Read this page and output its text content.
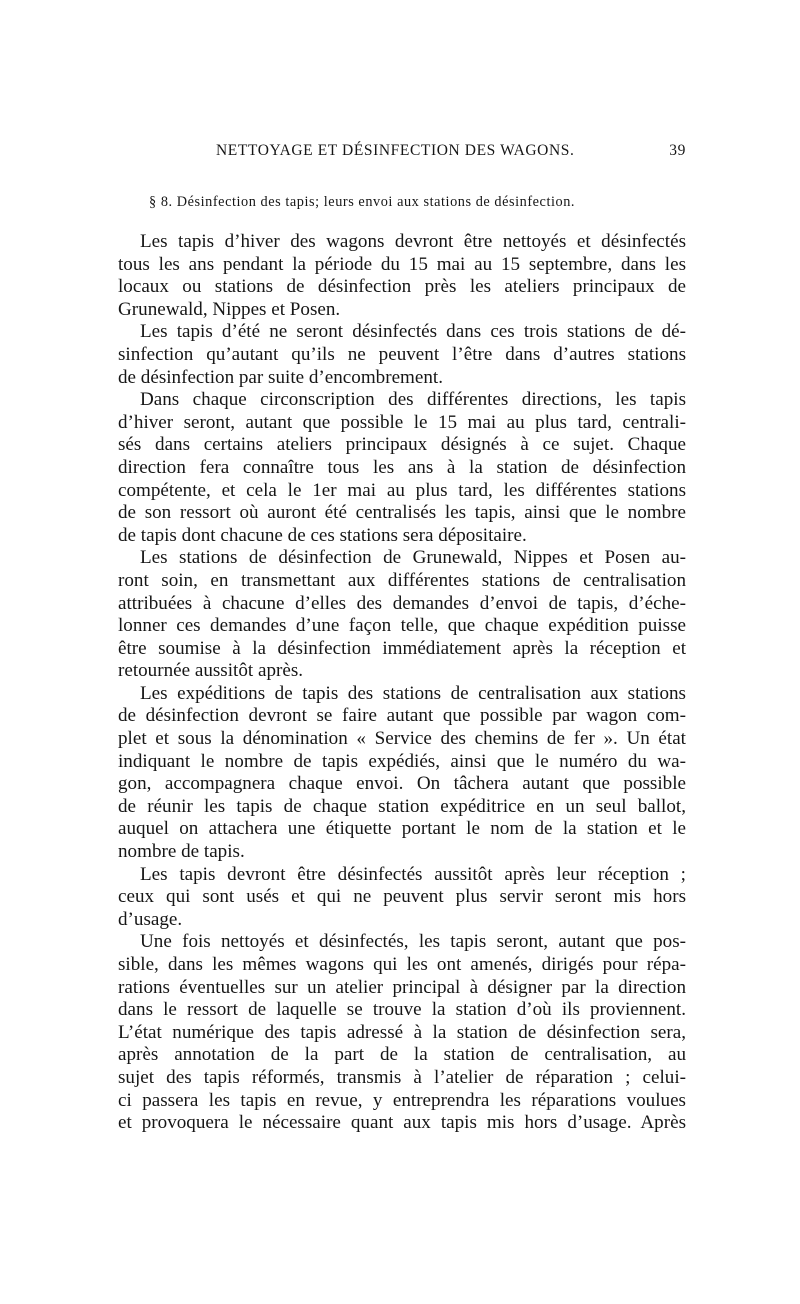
NETTOYAGE ET DÉSINFECTION DES WAGONS.	39
§ 8. Désinfection des tapis; leurs envoi aux stations de désinfection.

Les tapis d’hiver des wagons devront être nettoyés et désinfectés
tous les ans pendant la période du 15 mai au 15 septembre, dans les
locaux ou stations de désinfection près les ateliers principaux de
Grunewald, Nippes et Posen.

Les tapis d’été ne seront désinfectés dans ces trois stations de dé-
sinfection qu’autant qu’ils ne peuvent l’être dans d’autres stations
de désinfection par suite d’encombrement.

Dans chaque circonscription des différentes directions, les tapis
d’hiver seront, autant que possible le 15 mai au plus tard, centrali-
sés dans certains ateliers principaux désignés à ce sujet. Chaque
direction fera connaître tous les ans à la station de désinfection
compétente, et cela le 1er mai au plus tard, les différentes stations
de son ressort où auront été centralisés les tapis, ainsi que le nombre
de tapis dont chacune de ces stations sera dépositaire.

Les stations de désinfection de Grunewald, Nippes et Posen au-
ront soin, en transmettant aux différentes stations de centralisation
attribuées à chacune d’elles des demandes d’envoi de tapis, d’éche-
lonner ces demandes d’une façon telle, que chaque expédition puisse
être soumise à la désinfection immédiatement après la réception et
retournée aussitôt après.

Les expéditions de tapis des stations de centralisation aux stations
de désinfection devront se faire autant que possible par wagon com-
plet et sous la dénomination « Service des chemins de fer ». Un état
indiquant le nombre de tapis expédiés, ainsi que le numéro du wa-
gon, accompagnera chaque envoi. On tâchera autant que possible
de réunir les tapis de chaque station expéditrice en un seul ballot,
auquel on attachera une étiquette portant le nom de la station et le
nombre de tapis.

Les tapis devront être désinfectés aussitôt après leur réception ;
ceux qui sont usés et qui ne peuvent plus servir seront mis hors
d’usage.

Une fois nettoyés et désinfectés, les tapis seront, autant que pos-
sible, dans les mêmes wagons qui les ont amenés, dirigés pour répa-
rations éventuelles sur un atelier principal à désigner par la direction
dans le ressort de laquelle se trouve la station d’où ils proviennent.
L’état numérique des tapis adressé à la station de désinfection sera,
après annotation de la part de la station de centralisation, au
sujet des tapis réformés, transmis à l’atelier de réparation ; celui-
ci passera les tapis en revue, y entreprendra les réparations voulues
et provoquera le nécessaire quant aux tapis mis hors d’usage. Après
